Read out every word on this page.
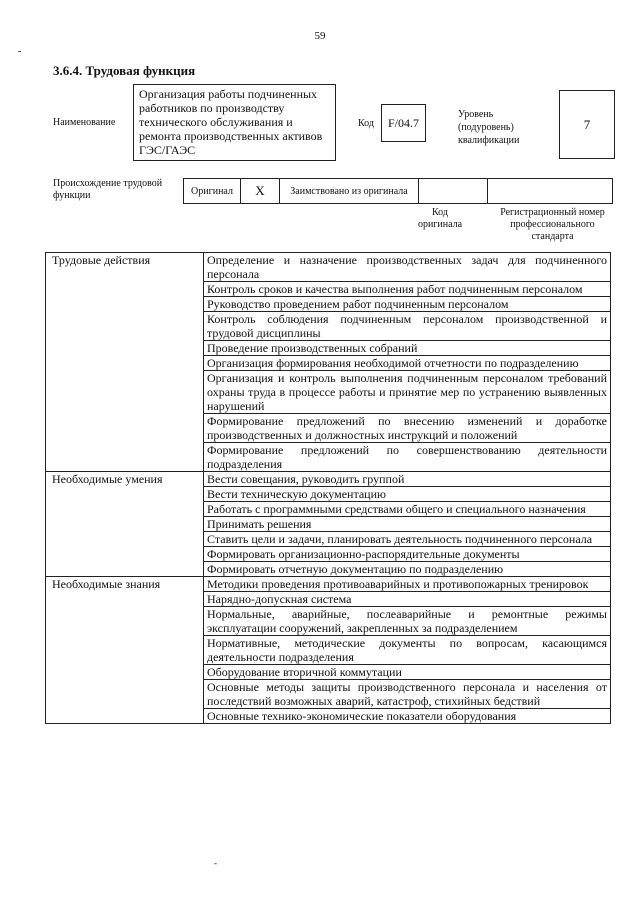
-
59
3.6.4. Трудовая функция
Наименование
Организация работы подчиненных работников по производству технического обслуживания и ремонта производственных активов ГЭС/ГАЭС
Код	F/04.7
Уровень (подуровень) квалификации
7
Происхождение трудовой функции	Оригинал	X	Заимствовано из оригинала
Код оригинала
Регистрационный номер профессионального стандарта
Трудовые действия	Определение и назначение производственных задач для подчиненного персонала
	Контроль сроков и качества выполнения работ подчиненным персоналом
	Руководство проведением работ подчиненным персоналом
	Контроль соблюдения подчиненным персоналом производственной и трудовой дисциплины
	Проведение производственных собраний
	Организация формирования необходимой отчетности по подразделению
	Организация и контроль выполнения подчиненным персоналом требований охраны труда в процессе работы и принятие мер по устранению выявленных нарушений
	Формирование предложений по внесению изменений и доработке производственных и должностных инструкций и положений
	Формирование предложений по совершенствованию деятельности подразделения
Необходимые умения	Вести совещания, руководить группой
	Вести техническую документацию
	Работать с программными средствами общего и специального назначения
	Принимать решения
	Ставить цели и задачи, планировать деятельность подчиненного персонала
	Формировать организационно-распорядительные документы
	Формировать отчетную документацию по подразделению
Необходимые знания	Методики проведения противоаварийных и противопожарных тренировок
	Нарядно-допускная система
	Нормальные, аварийные, послеаварийные и ремонтные режимы эксплуатации сооружений, закрепленных за подразделением
	Нормативные, методические документы по вопросам, касающимся деятельности подразделения
	Оборудование вторичной коммутации
	Основные методы защиты производственного персонала и населения от последствий возможных аварий, катастроф, стихийных бедствий
	Основные технико-экономические показатели оборудования
-
